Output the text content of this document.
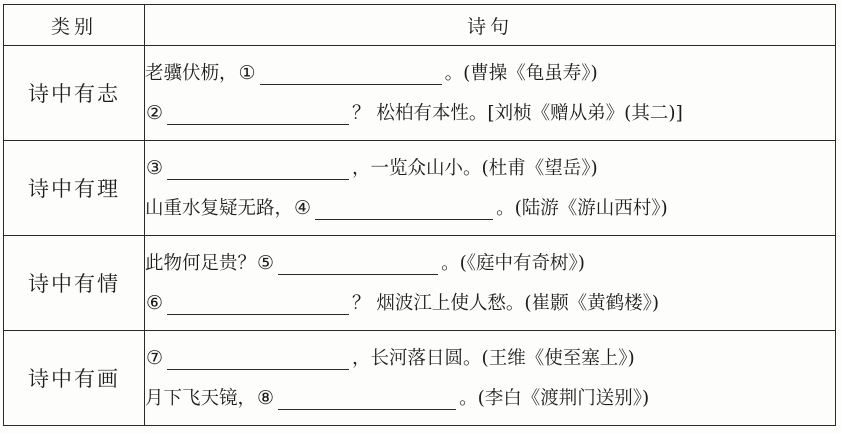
类别	诗句
诗中有志	老骥伏枥， ① 。(曹操《龟虽寿》)
② ？ 松柏有本性。[刘桢《赠从弟》(其二)]

诗中有理	③ ，一览众山小。(杜甫《望岳》)
山重水复疑无路， ④ 。(陆游《游山西村》)

诗中有情	此物何足贵？ ⑤ 。(《庭中有奇树》)
⑥ ？ 烟波江上使人愁。(崔颢《黄鹤楼》)

诗中有画	⑦ ，长河落日圆。(王维《使至塞上》)
月下飞天镜， ⑧ 。(李白《渡荆门送别》)
